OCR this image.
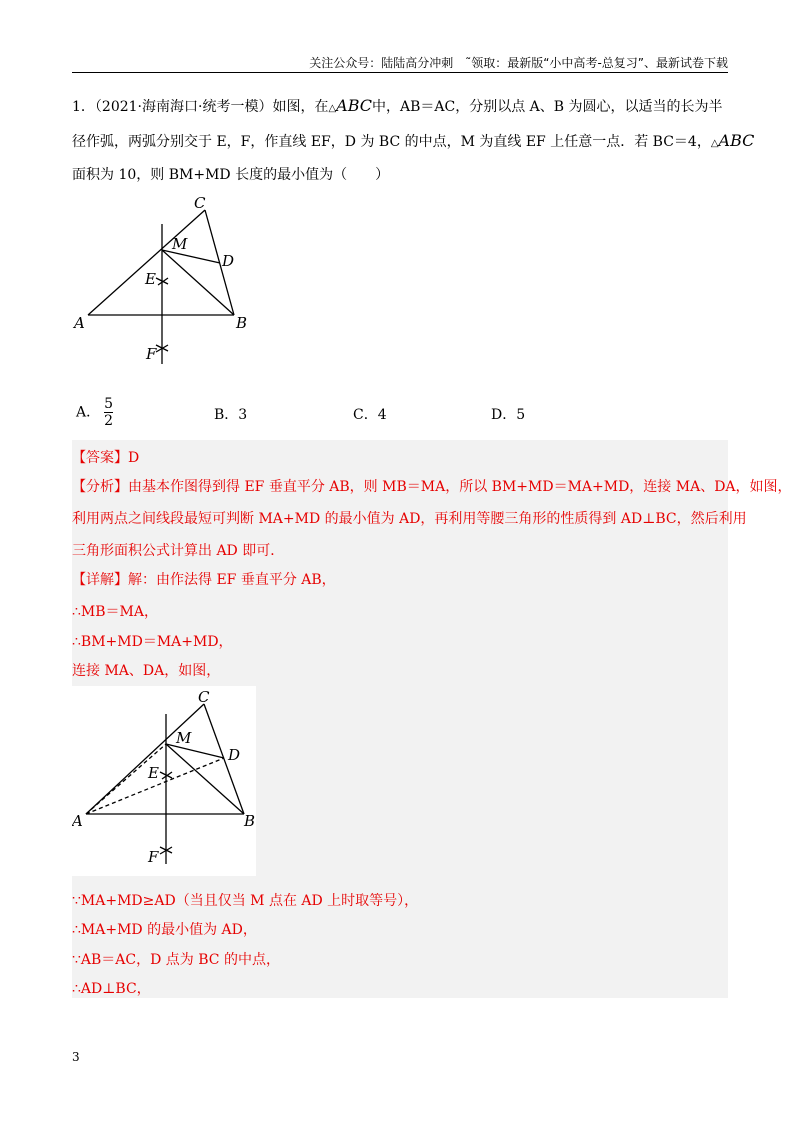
关注公众号：陆陆高分冲刺　˜领取：最新版“小中高考-总复习”、最新试卷下载
1．（2021·海南海口·统考一模）如图，在△ABC中，AB＝AC，分别以点 A、B 为圆心，以适当的长为半
径作弧，两弧分别交于 E，F，作直线 EF，D 为 BC 的中点，M 为直线 EF 上任意一点．若 BC＝4，△ABC
面积为 10，则 BM+MD 长度的最小值为（　　）
C
M
D
E
A	B
F
A． $\frac{5}{2}$	B．3	C．4	D．5
【答案】D
【分析】由基本作图得到得 EF 垂直平分 AB，则 MB＝MA，所以 BM+MD＝MA+MD，连接 MA、DA，如图，
利用两点之间线段最短可判断 MA+MD 的最小值为 AD，再利用等腰三角形的性质得到 AD⊥BC，然后利用
三角形面积公式计算出 AD 即可．
【详解】解：由作法得 EF 垂直平分 AB，
∴MB＝MA，
∴BM+MD＝MA+MD，
连接 MA、DA，如图，
C
M
D
E
A	B
F
∵MA+MD≥AD（当且仅当 M 点在 AD 上时取等号），
∴MA+MD 的最小值为 AD，
∵AB＝AC，D 点为 BC 的中点，
∴AD⊥BC，
3
